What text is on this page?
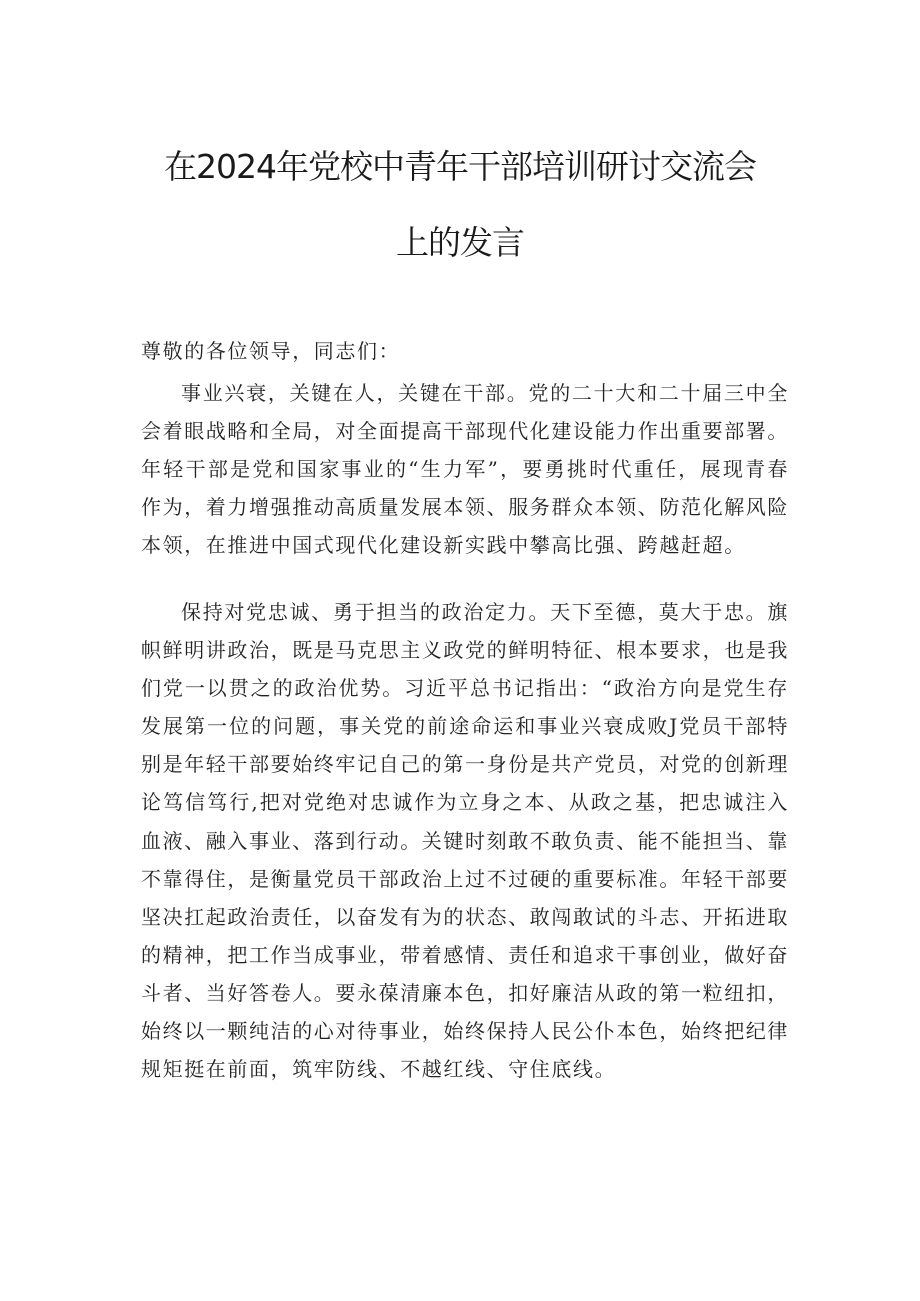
在2024年党校中青年干部培训研讨交流会
上的发言
尊敬的各位领导，同志们：

事业兴衰，关键在人，关键在干部。党的二十大和二十届三中全会着眼战略和全局，对全面提高干部现代化建设能力作出重要部署。年轻干部是党和国家事业的“生力军”，要勇挑时代重任，展现青春作为，着力增强推动高质量发展本领、服务群众本领、防范化解风险本领，在推进中国式现代化建设新实践中攀高比强、跨越赶超。

保持对党忠诚、勇于担当的政治定力。天下至德，莫大于忠。旗帜鲜明讲政治，既是马克思主义政党的鲜明特征、根本要求，也是我们党一以贯之的政治优势。习近平总书记指出：“政治方向是党生存发展第一位的问题，事关党的前途命运和事业兴衰成败J党员干部特别是年轻干部要始终牢记自己的第一身份是共产党员，对党的创新理论笃信笃行,把对党绝对忠诚作为立身之本、从政之基，把忠诚注入血液、融入事业、落到行动。关键时刻敢不敢负责、能不能担当、靠不靠得住，是衡量党员干部政治上过不过硬的重要标准。年轻干部要坚决扛起政治责任，以奋发有为的状态、敢闯敢试的斗志、开拓进取的精神，把工作当成事业，带着感情、责任和追求干事创业，做好奋斗者、当好答卷人。要永葆清廉本色，扣好廉洁从政的第一粒纽扣，始终以一颗纯洁的心对待事业，始终保持人民公仆本色，始终把纪律规矩挺在前面，筑牢防线、不越红线、守住底线。
